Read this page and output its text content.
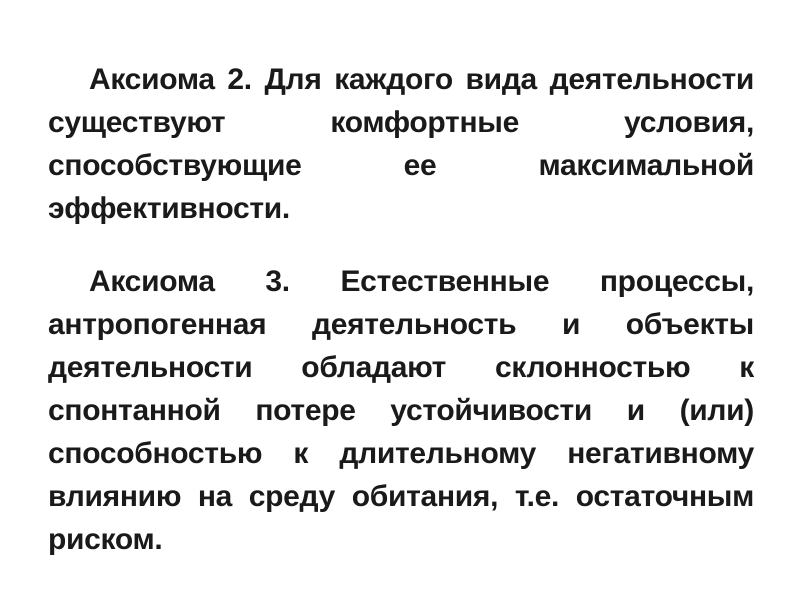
Аксиома 2. Для каждого вида деятельности существуют комфортные условия, способствующие ее максимальной эффективности.

Аксиома 3. Естественные процессы, антропогенная деятельность и объекты деятельности обладают склонностью к спонтанной потере устойчивости и (или) способностью к длительному негативному влиянию на среду обитания, т.е. остаточным риском.
